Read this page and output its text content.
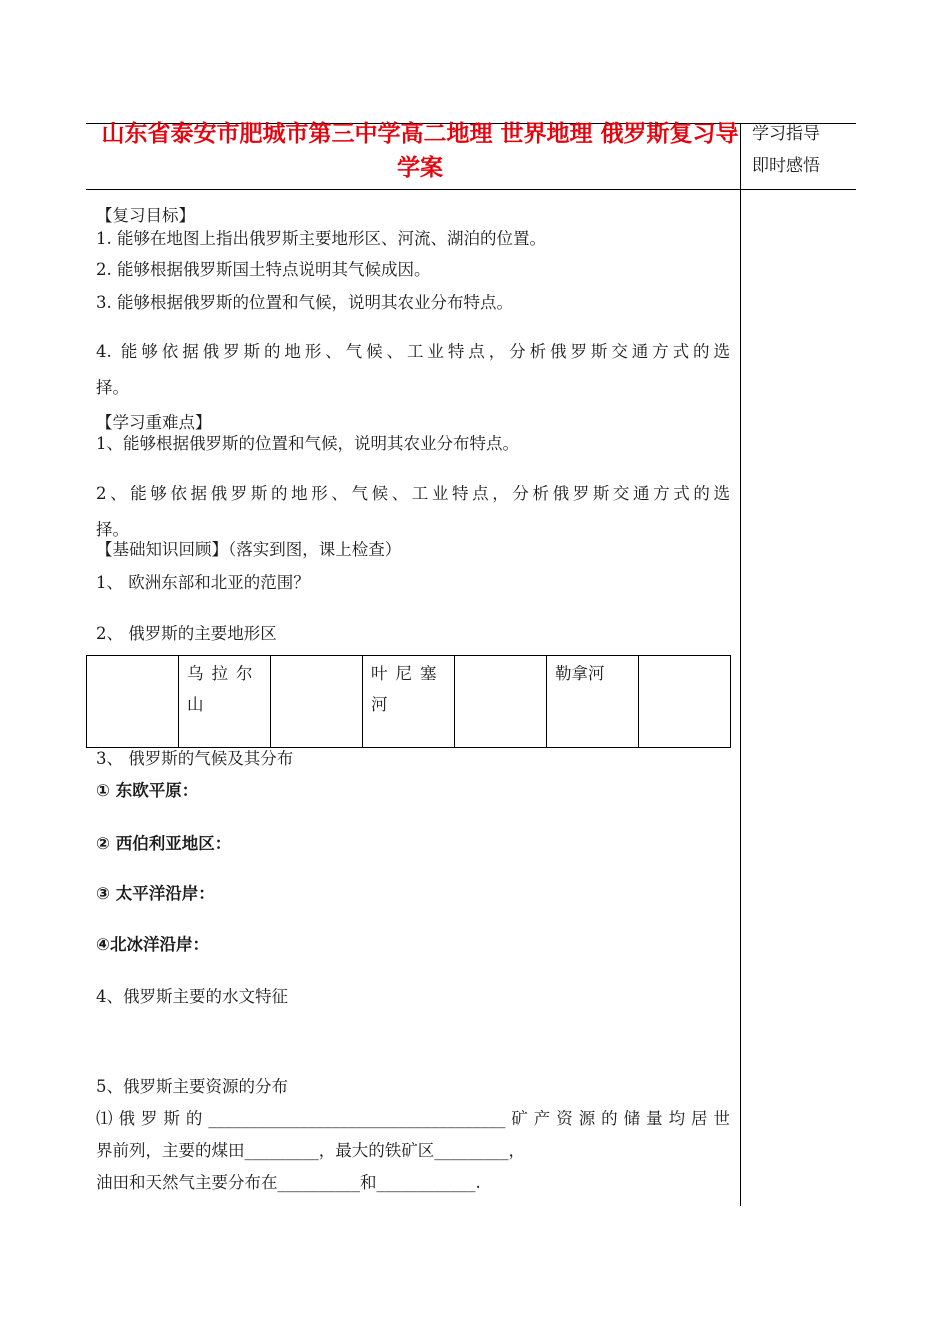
山东省泰安市肥城市第三中学高二地理 世界地理 俄罗斯复习导学案
学习指导
即时感悟
【复习目标】
1. 能够在地图上指出俄罗斯主要地形区、河流、湖泊的位置。
2. 能够根据俄罗斯国土特点说明其气候成因。
3. 能够根据俄罗斯的位置和气候，说明其农业分布特点。
4. 能够依据俄罗斯的地形、气候、工业特点，分析俄罗斯交通方式的选
择。
【学习重难点】
1、能够根据俄罗斯的位置和气候，说明其农业分布特点。
2、能够依据俄罗斯的地形、气候、工业特点，分析俄罗斯交通方式的选
择。
【基础知识回顾】（落实到图，课上检查）
1、 欧洲东部和北亚的范围？
2、 俄罗斯的主要地形区
	乌拉尔山		叶尼塞河		勒拿河	
3、 俄罗斯的气候及其分布
① 东欧平原：
② 西伯利亚地区：
③ 太平洋沿岸：
④北冰洋沿岸：
4、俄罗斯主要的水文特征
5、俄罗斯主要资源的分布
⑴俄罗斯的____________________________________矿产资源的储量均居世
界前列，主要的煤田_________，最大的铁矿区_________，
油田和天然气主要分布在__________和____________.
